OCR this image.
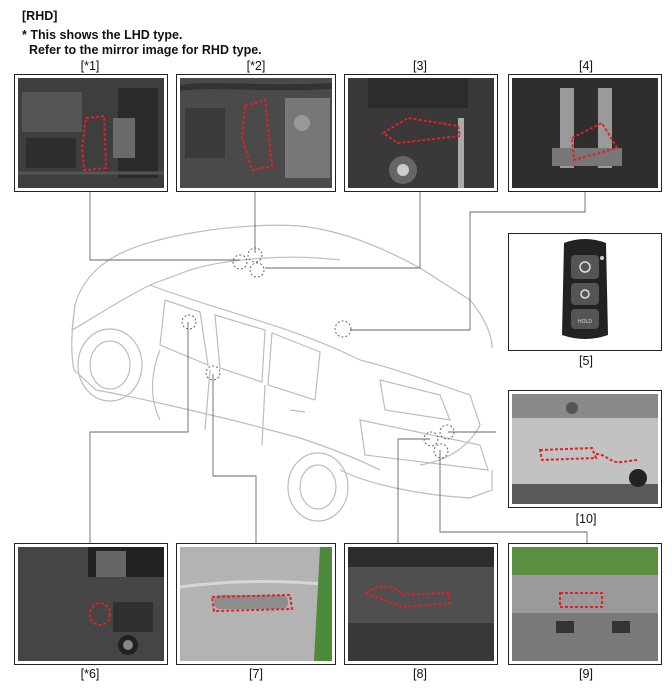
[RHD]
* This shows the LHD type.
Refer to the mirror image for RHD type.
[*1]	[*2]	[3]	[4]
[5]
[10]
[*6]	[7]	[8]	[9]
HOLD
